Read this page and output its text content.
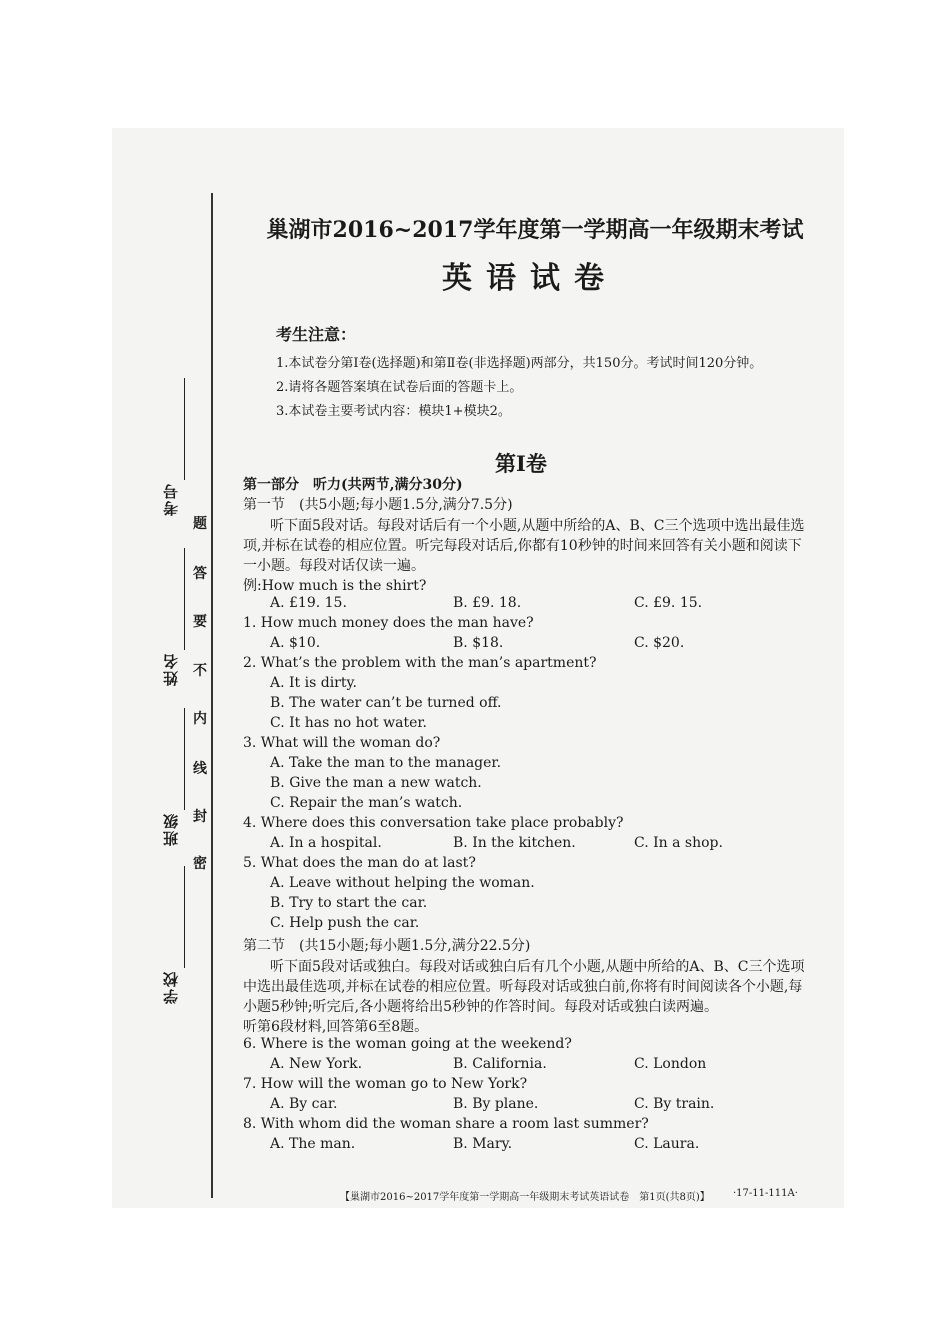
考号
姓名
班级
学校
题
答
要
不
内
线
封
密
巢湖市2016~2017学年度第一学期高一年级期末考试
英语试卷
考生注意：
1.本试卷分第Ⅰ卷(选择题)和第Ⅱ卷(非选择题)两部分，共150分。考试时间120分钟。
2.请将各题答案填在试卷后面的答题卡上。
3.本试卷主要考试内容：模块1+模块2。
第Ⅰ卷
第一部分　听力(共两节,满分30分)
第一节　(共5小题;每小题1.5分,满分7.5分)
听下面5段对话。每段对话后有一个小题,从题中所给的A、B、C三个选项中选出最佳选
项,并标在试卷的相应位置。听完每段对话后,你都有10秒钟的时间来回答有关小题和阅读下
一小题。每段对话仅读一遍。
例:How much is the shirt?
A. £19. 15.	B. £9. 18.	C. £9. 15.
1. How much money does the man have?
A. $10.	B. $18.	C. $20.
2. What’s the problem with the man’s apartment?
A. It is dirty.
B. The water can’t be turned off.
C. It has no hot water.
3. What will the woman do?
A. Take the man to the manager.
B. Give the man a new watch.
C. Repair the man’s watch.
4. Where does this conversation take place probably?
A. In a hospital.	B. In the kitchen.	C. In a shop.
5. What does the man do at last?
A. Leave without helping the woman.
B. Try to start the car.
C. Help push the car.
第二节　(共15小题;每小题1.5分,满分22.5分)
听下面5段对话或独白。每段对话或独白后有几个小题,从题中所给的A、B、C三个选项
中选出最佳选项,并标在试卷的相应位置。听每段对话或独白前,你将有时间阅读各个小题,每
小题5秒钟;听完后,各小题将给出5秒钟的作答时间。每段对话或独白读两遍。
听第6段材料,回答第6至8题。
6. Where is the woman going at the weekend?
A. New York.	B. California.	C. London
7. How will the woman go to New York?
A. By car.	B. By plane.	C. By train.
8. With whom did the woman share a room last summer?
A. The man.	B. Mary.	C. Laura.
【巢湖市2016~2017学年度第一学期高一年级期末考试英语试卷　第1页(共8页)】 ·17-11-111A·
